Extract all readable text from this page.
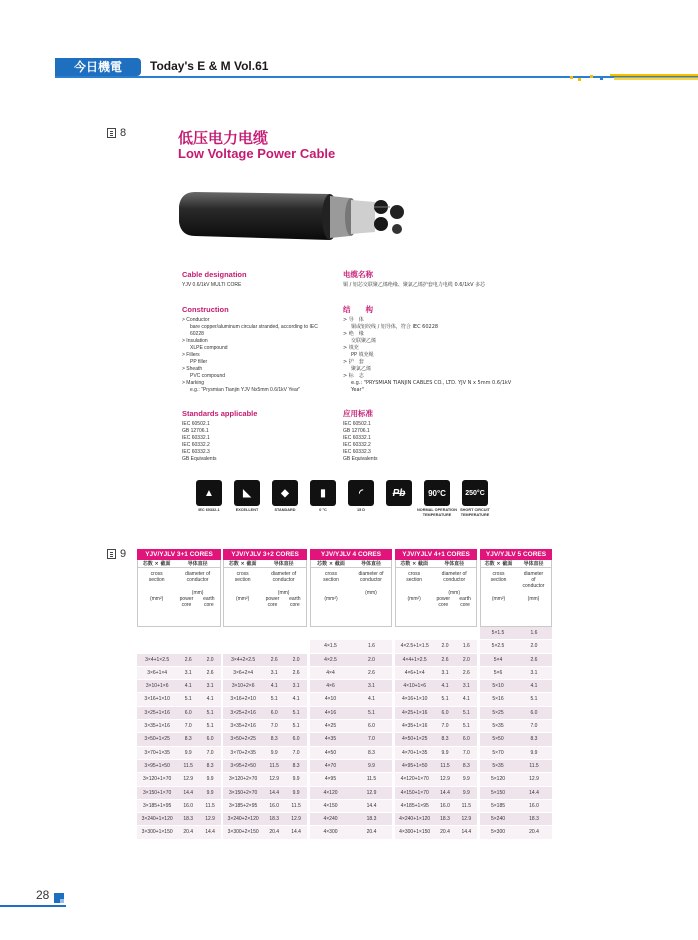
今日機電	Today's E & M Vol.61
8	低压电力电缆
Low Voltage Power Cable
Cable designation

YJV 0.6/1kV MULTI CORE

电缆名称

铜 / 铝芯交联聚乙烯绝缘、聚氯乙烯护套电力电缆 0.6/1kV 多芯

Construction

> Conductor

bare copper/aluminum circular stranded, according to IEC 60228

> Insulation

XLPE compound

> Fillers

PP filler

> Sheath

PVC compound

> Marking

e.g.: "Prysmian Tianjin YJV Nx5mm 0.6/1kV Year"

结　　构

> 导　体

铜或铝绞线 / 铝导体，符合 IEC 60228

> 绝　缘

交联聚乙烯

> 填充

PP 填充绳

> 护　套

聚氯乙烯

> 标　志

e.g.: "PRYSMIAN TIANJIN CABLES CO., LTD. YJV N x 5mm 0.6/1kV Year"

Standards applicable

IEC 60502.1

GB 12706.1

IEC 60332.1

IEC 60332.2

IEC 60332.3

GB Equivalents

应用标准

IEC 60502.1

GB 12706.1

IEC 60332.1

IEC 60332.2

IEC 60332.3

GB Equivalents

▲
IEC 60332-1
◣
EXCELLENT
◆
STANDARD
▮
0 °C
◜
15 D
Pb	90°C
NORMAL OPERATION TEMPERATURE
250°C
SHORT CIRCUIT TEMPERATURE
9	YJV/YJLV 3+1 CORES
芯数 × 截面
cross section
(mm²)
导体直径
diameter of conductor
(mm)
power core
earth core
3×4+1×2.5	2.6	2.0
3×6+1×4	3.1	2.6
3×10+1×6	4.1	3.1
3×16+1×10	5.1	4.1
3×25+1×16	6.0	5.1
3×35+1×16	7.0	5.1
3×50+1×25	8.3	6.0
3×70+1×35	9.9	7.0
3×95+1×50	11.5	8.3
3×120+1×70	12.9	9.9
3×150+1×70	14.4	9.9
3×185+1×95	16.0	11.5
3×240+1×120	18.3	12.9
3×300+1×150	20.4	14.4
YJV/YJLV 3+2 CORES
芯数 × 截面
cross section
(mm²)
导体直径
diameter of conductor
(mm)
power core
earth core
3×4+2×2.5	2.6	2.0
3×6+2×4	3.1	2.6
3×10+2×6	4.1	3.1
3×16+2×10	5.1	4.1
3×25+2×16	6.0	5.1
3×35+2×16	7.0	5.1
3×50+2×25	8.3	6.0
3×70+2×35	9.9	7.0
3×95+2×50	11.5	8.3
3×120+2×70	12.9	9.9
3×150+2×70	14.4	9.9
3×185+2×95	16.0	11.5
3×240+2×120	18.3	12.9
3×300+2×150	20.4	14.4
YJV/YJLV 4 CORES
芯数 × 截面
cross section
(mm²)
导体直径
diameter of conductor
(mm)
4×1.5	1.6
4×2.5	2.0
4×4	2.6
4×6	3.1
4×10	4.1
4×16	5.1
4×25	6.0
4×35	7.0
4×50	8.3
4×70	9.9
4×95	11.5
4×120	12.9
4×150	14.4
4×240	18.3
4×300	20.4
YJV/YJLV 4+1 CORES
芯数 × 截面
cross section
(mm²)
导体直径
diameter of conductor
(mm)
power core
earth core
4×2.5+1×1.5	2.0	1.6
4×4+1×2.5	2.6	2.0
4×6+1×4	3.1	2.6
4×10+1×6	4.1	3.1
4×16+1×10	5.1	4.1
4×25+1×16	6.0	5.1
4×35+1×16	7.0	5.1
4×50+1×25	8.3	6.0
4×70+1×35	9.9	7.0
4×95+1×50	11.5	8.3
4×120+1×70	12.9	9.9
4×150+1×70	14.4	9.9
4×185+1×95	16.0	11.5
4×240+1×120	18.3	12.9
4×300+1×150	20.4	14.4
YJV/YJLV 5 CORES
芯数 × 截面
cross section
(mm²)
导体直径
diameter of conductor
(mm)
5×1.5	1.6
5×2.5	2.0
5×4	2.6
5×6	3.1
5×10	4.1
5×16	5.1
5×25	6.0
5×35	7.0
5×50	8.3
5×70	9.9
5×35	11.5
5×120	12.9
5×150	14.4
5×185	16.0
5×240	18.3
5×300	20.4
28
